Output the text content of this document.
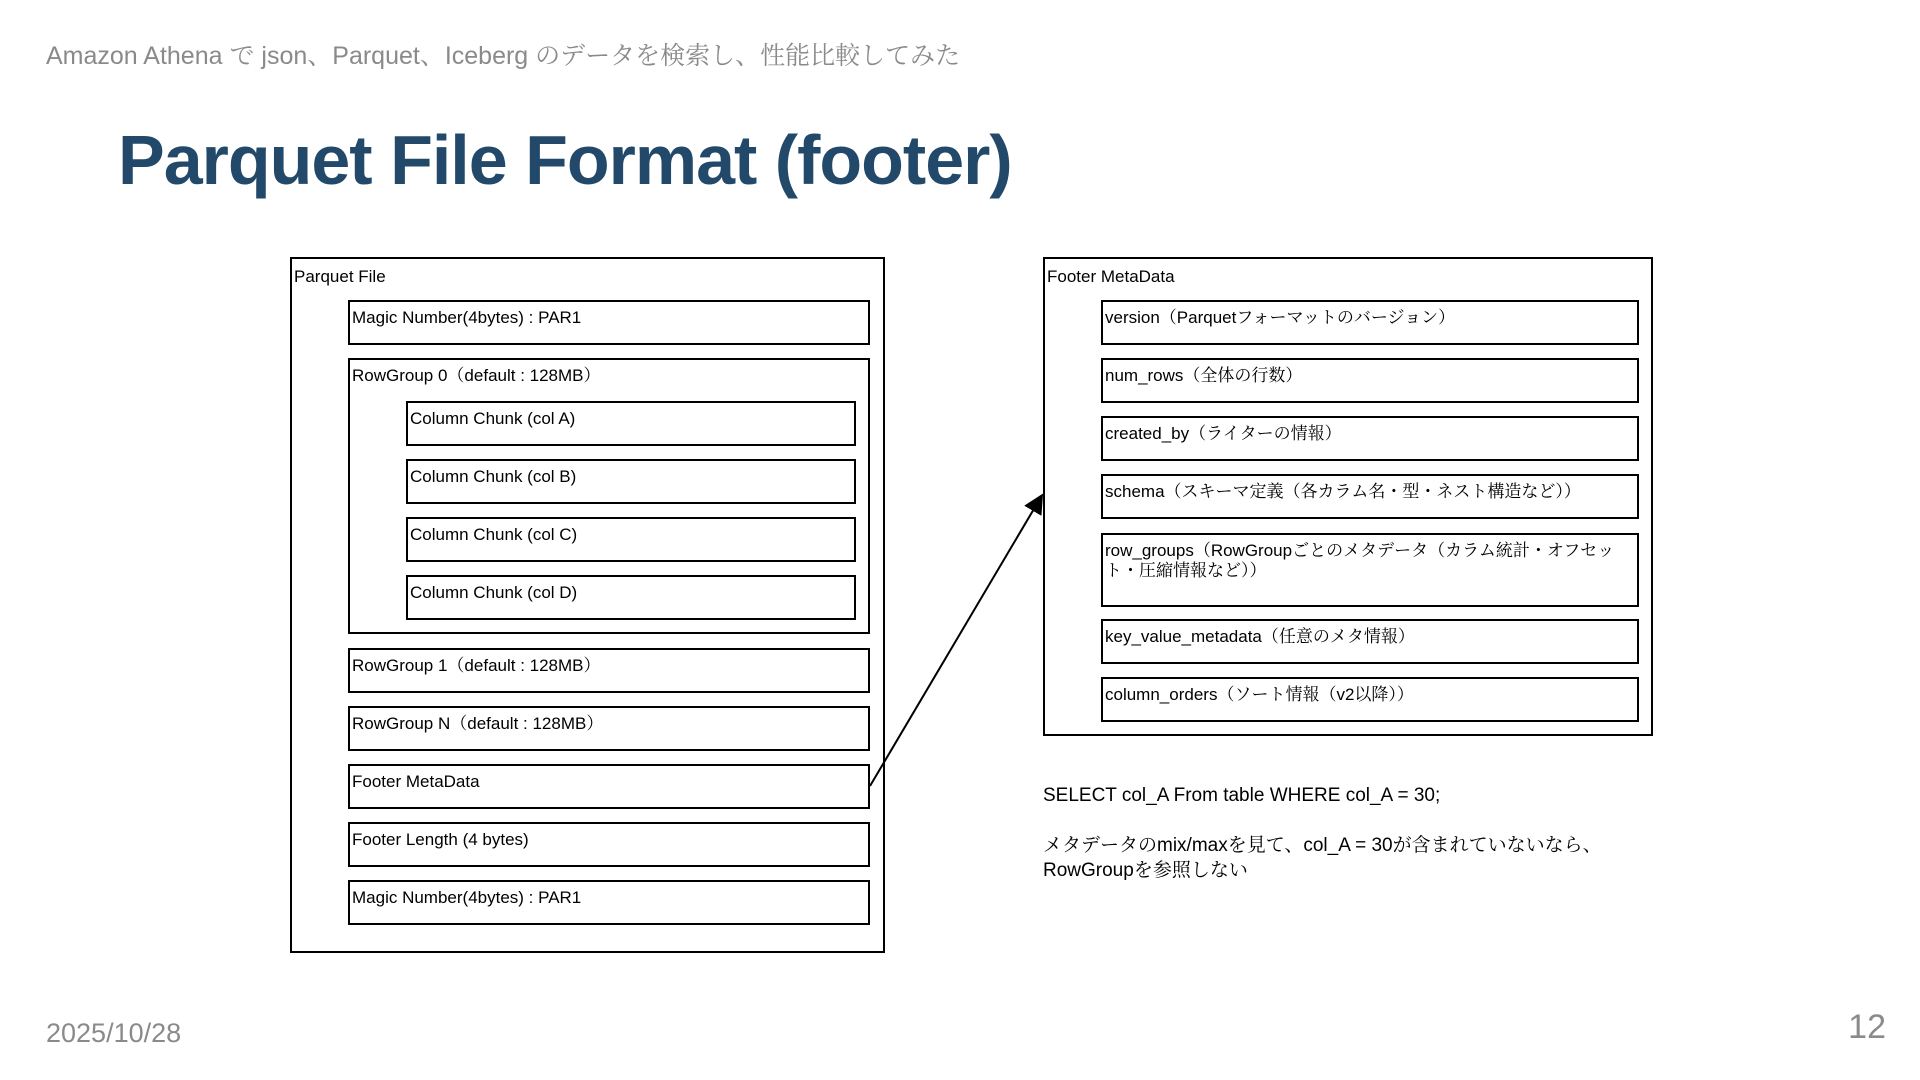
Amazon Athena で json、Parquet、Iceberg のデータを検索し、性能比較してみた
Parquet File Format (footer)
Parquet File
Magic Number(4bytes) : PAR1
RowGroup 0（default : 128MB）
Column Chunk (col A)
Column Chunk (col B)
Column Chunk (col C)
Column Chunk (col D)
RowGroup 1（default : 128MB）
RowGroup N（default : 128MB）
Footer MetaData
Footer Length (4 bytes)
Magic Number(4bytes) : PAR1
Footer MetaData
version（Parquetフォーマットのバージョン）
num_rows（全体の行数）
created_by（ライターの情報）
schema（スキーマ定義（各カラム名・型・ネスト構造など））
row_groups（RowGroupごとのメタデータ（カラム統計・オフセット・圧縮情報など））
key_value_metadata（任意のメタ情報）
column_orders（ソート情報（v2以降））
SELECT col_A From table WHERE col_A = 30;
メタデータのmix/maxを見て、col_A = 30が含まれていないなら、
RowGroupを参照しない
2025/10/28	12
